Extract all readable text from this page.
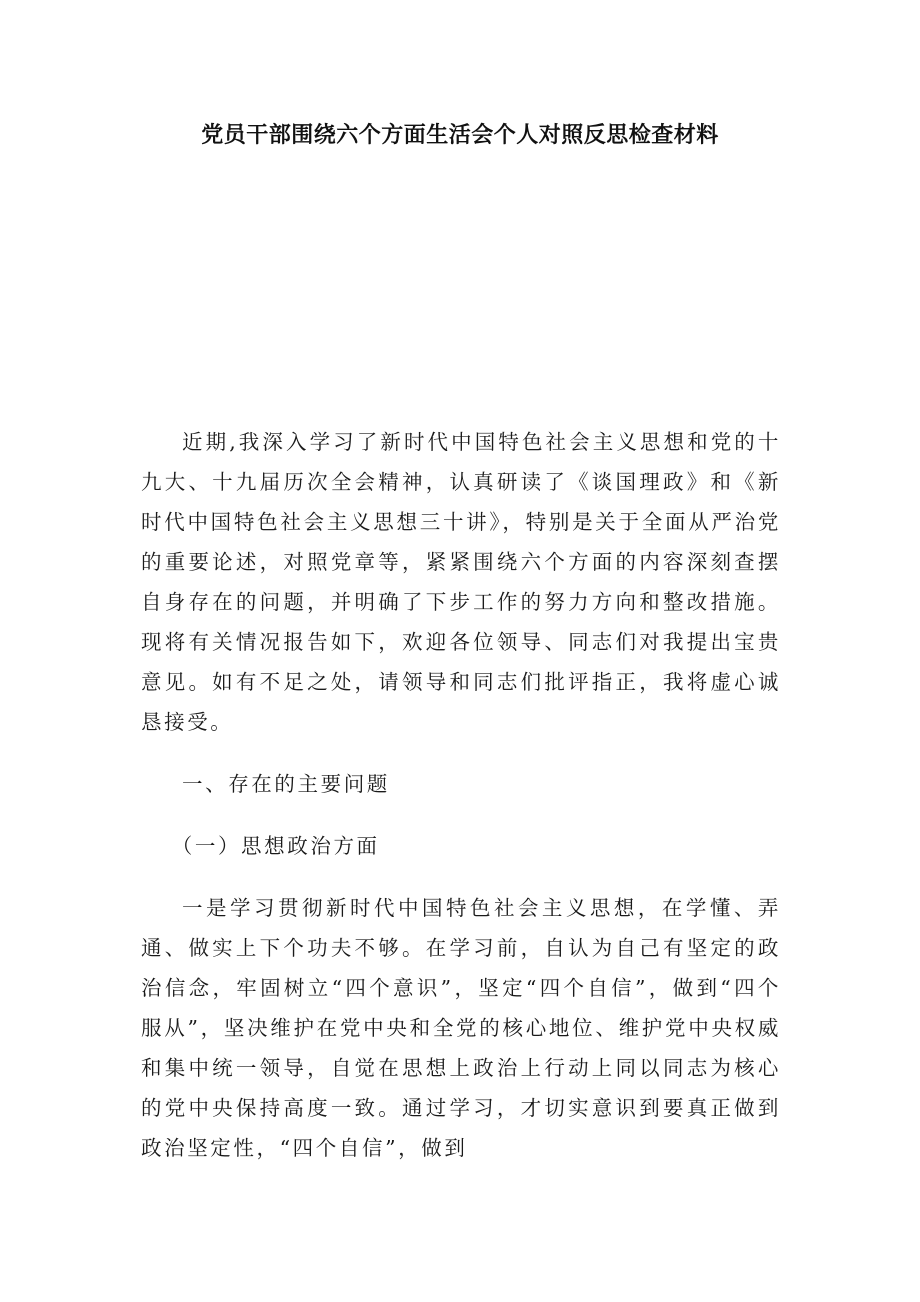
党员干部围绕六个方面生活会个人对照反思检查材料

近期,我深入学习了新时代中国特色社会主义思想和党的十九大、十九届历次全会精神，认真研读了《谈国理政》和《新时代中国特色社会主义思想三十讲》，特别是关于全面从严治党的重要论述，对照党章等，紧紧围绕六个方面的内容深刻查摆自身存在的问题，并明确了下步工作的努力方向和整改措施。现将有关情况报告如下，欢迎各位领导、同志们对我提出宝贵意见。如有不足之处，请领导和同志们批评指正，我将虚心诚恳接受。

一、存在的主要问题

（一）思想政治方面

一是学习贯彻新时代中国特色社会主义思想，在学懂、弄通、做实上下个功夫不够。在学习前，自认为自己有坚定的政治信念，牢固树立“四个意识”，坚定“四个自信”，做到“四个服从”，坚决维护在党中央和全党的核心地位、维护党中央权威和集中统一领导，自觉在思想上政治上行动上同以同志为核心的党中央保持高度一致。通过学习，才切实意识到要真正做到政治坚定性，“四个自信”，做到
